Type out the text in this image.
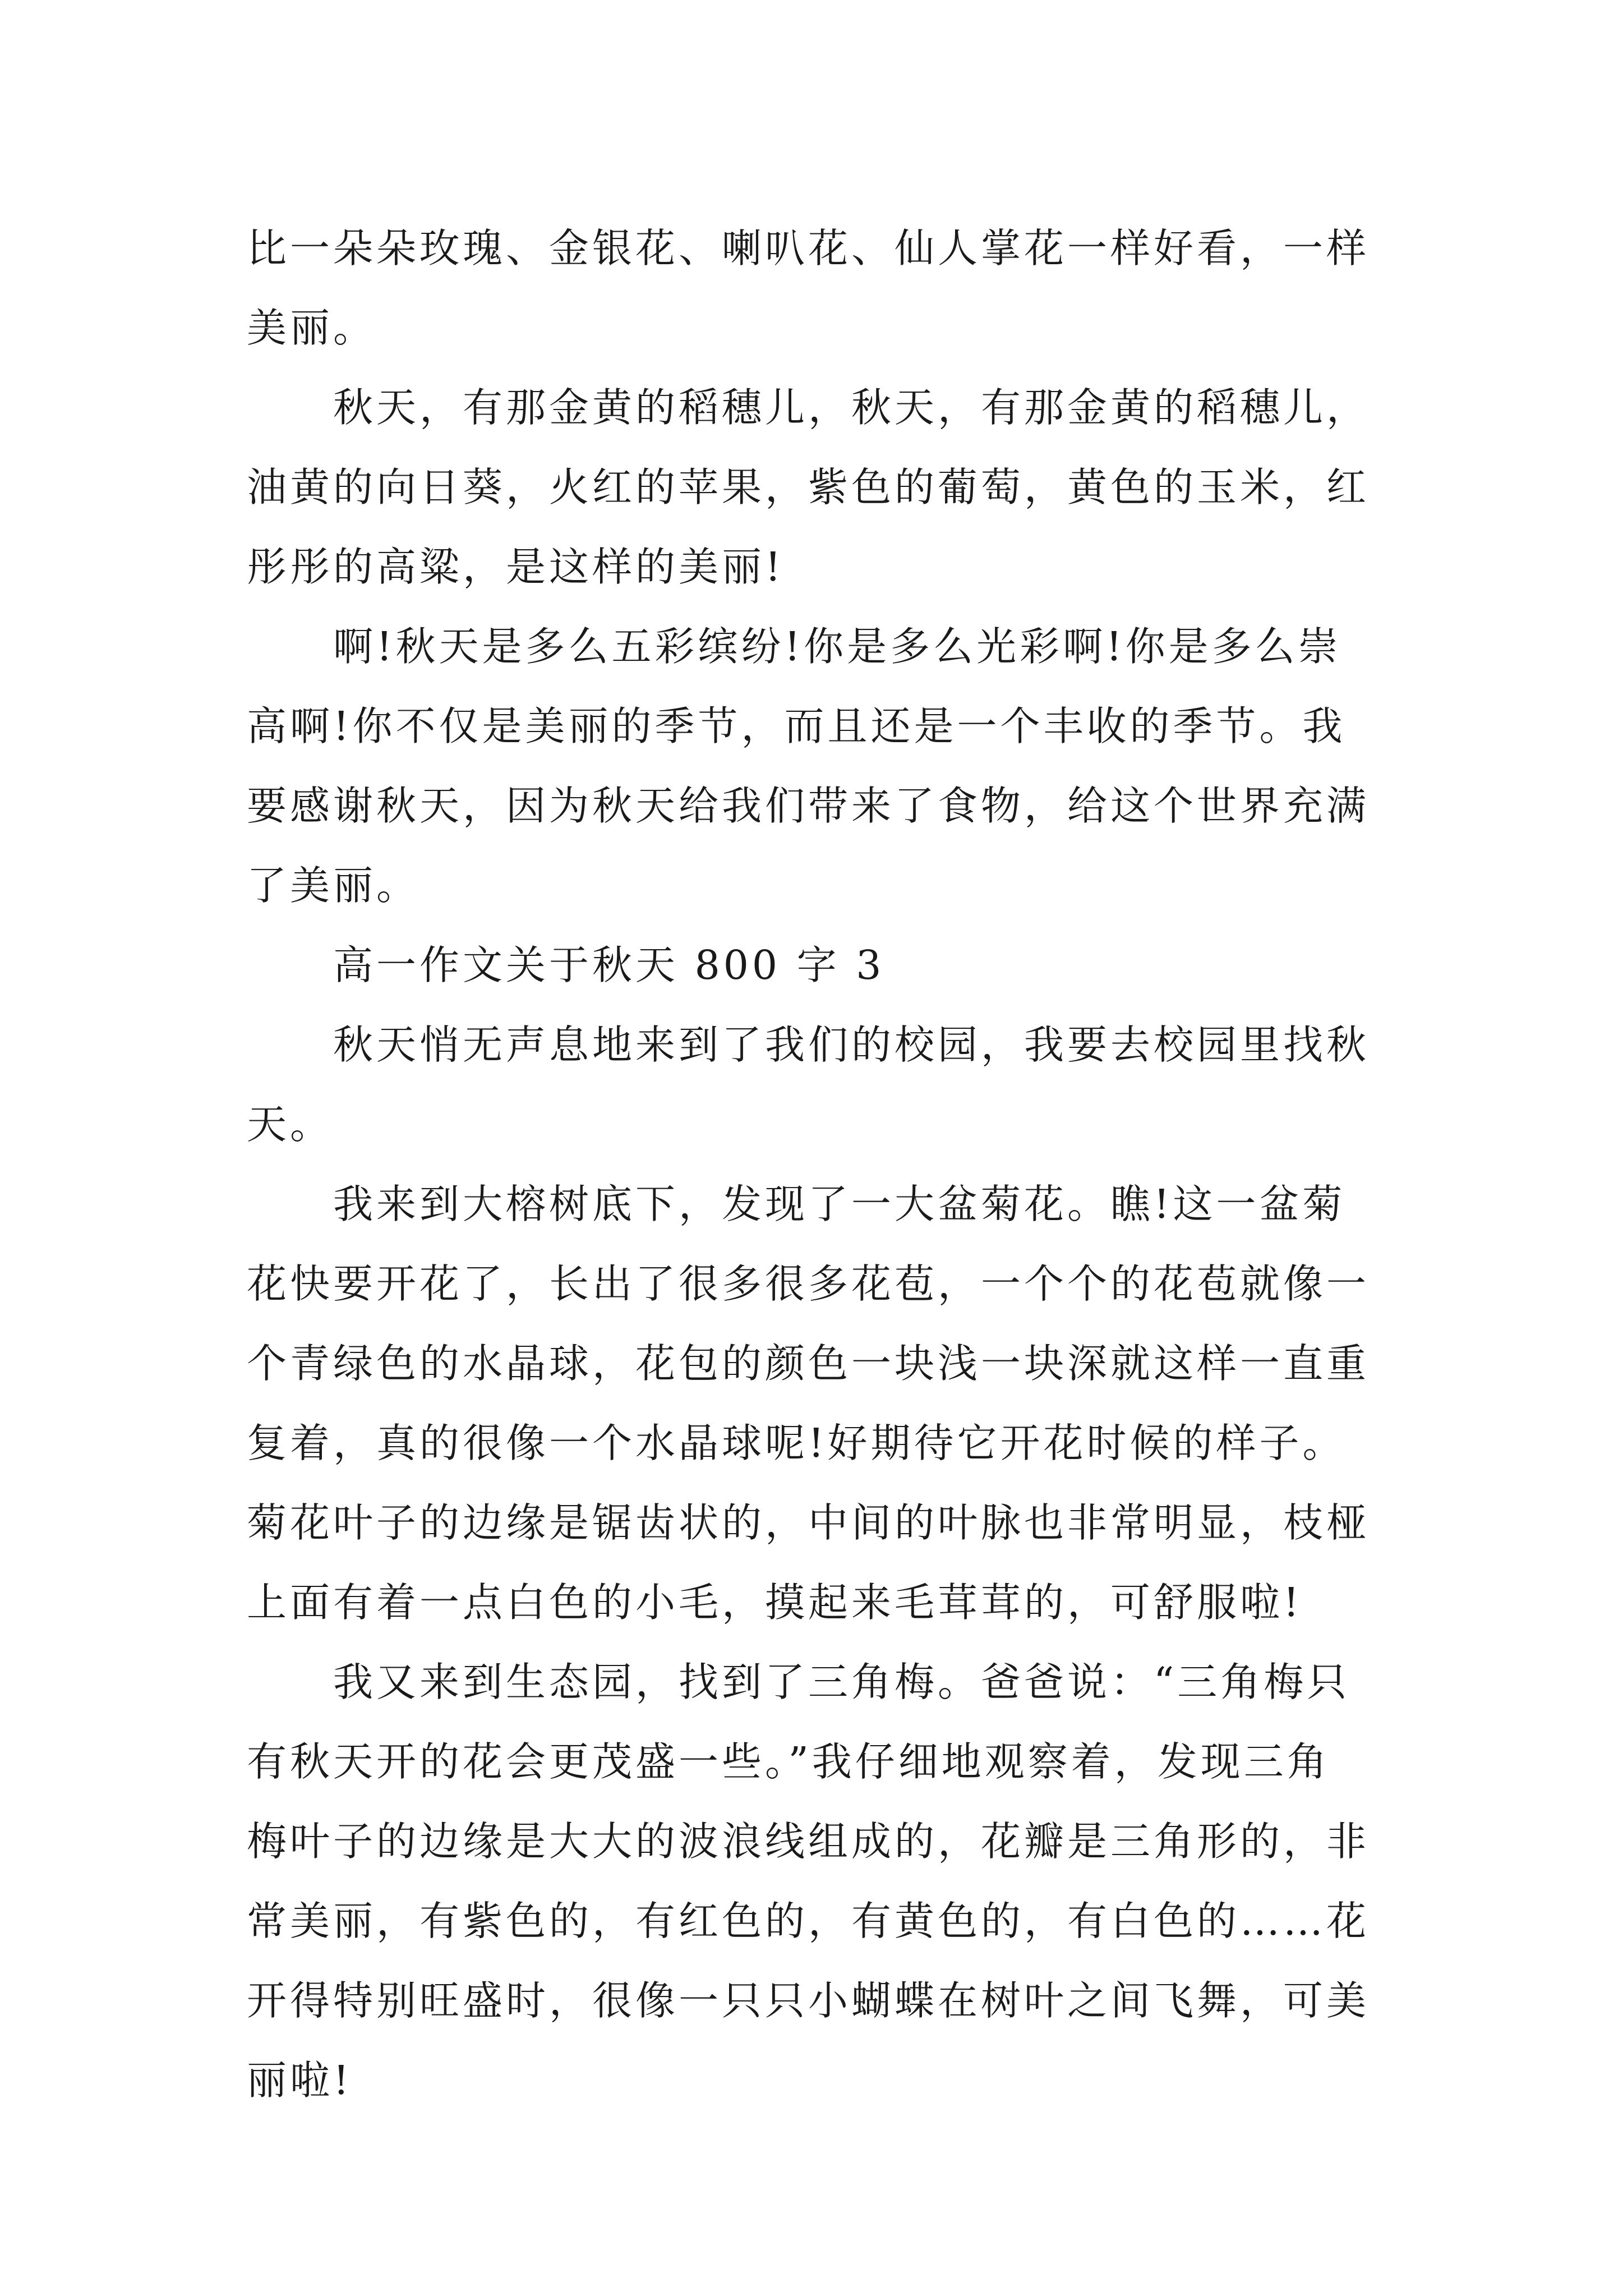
比一朵朵玫瑰、金银花、喇叭花、仙人掌花一样好看，一样
美丽。
秋天，有那金黄的稻穗儿，秋天，有那金黄的稻穗儿，
油黄的向日葵，火红的苹果，紫色的葡萄，黄色的玉米，红
彤彤的高粱，是这样的美丽!
啊!秋天是多么五彩缤纷!你是多么光彩啊!你是多么崇
高啊!你不仅是美丽的季节，而且还是一个丰收的季节。我
要感谢秋天，因为秋天给我们带来了食物，给这个世界充满
了美丽。
高一作文关于秋天 800 字 3
秋天悄无声息地来到了我们的校园，我要去校园里找秋
天。
我来到大榕树底下，发现了一大盆菊花。瞧!这一盆菊
花快要开花了，长出了很多很多花苞，一个个的花苞就像一
个青绿色的水晶球，花包的颜色一块浅一块深就这样一直重
复着，真的很像一个水晶球呢!好期待它开花时候的样子。
菊花叶子的边缘是锯齿状的，中间的叶脉也非常明显，枝桠
上面有着一点白色的小毛，摸起来毛茸茸的，可舒服啦!
我又来到生态园，找到了三角梅。爸爸说：“三角梅只
有秋天开的花会更茂盛一些。”我仔细地观察着，发现三角
梅叶子的边缘是大大的波浪线组成的，花瓣是三角形的，非
常美丽，有紫色的，有红色的，有黄色的，有白色的……花
开得特别旺盛时，很像一只只小蝴蝶在树叶之间飞舞，可美
丽啦!
